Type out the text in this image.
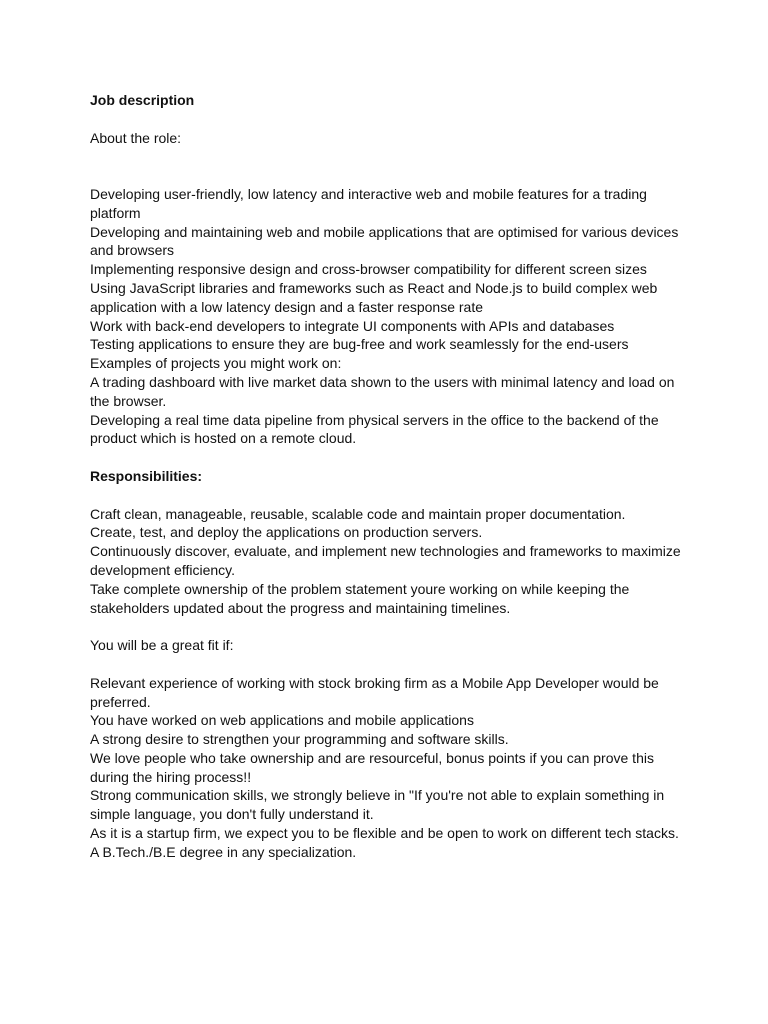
Job description

About the role:

Developing user-friendly, low latency and interactive web and mobile features for a trading platform

Developing and maintaining web and mobile applications that are optimised for various devices and browsers

Implementing responsive design and cross-browser compatibility for different screen sizes

Using JavaScript libraries and frameworks such as React and Node.js to build complex web application with a low latency design and a faster response rate

Work with back-end developers to integrate UI components with APIs and databases

Testing applications to ensure they are bug-free and work seamlessly for the end-users

Examples of projects you might work on:

A trading dashboard with live market data shown to the users with minimal latency and load on the browser.

Developing a real time data pipeline from physical servers in the office to the backend of the product which is hosted on a remote cloud.

Responsibilities:

Craft clean, manageable, reusable, scalable code and maintain proper documentation.

Create, test, and deploy the applications on production servers.

Continuously discover, evaluate, and implement new technologies and frameworks to maximize development efficiency.

Take complete ownership of the problem statement youre working on while keeping the stakeholders updated about the progress and maintaining timelines.

You will be a great fit if:

Relevant experience of working with stock broking firm as a Mobile App Developer would be preferred.

You have worked on web applications and mobile applications

A strong desire to strengthen your programming and software skills.

We love people who take ownership and are resourceful, bonus points if you can prove this during the hiring process!!

Strong communication skills, we strongly believe in "If you're not able to explain something in simple language, you don't fully understand it.

As it is a startup firm, we expect you to be flexible and be open to work on different tech stacks.

A B.Tech./B.E degree in any specialization.
